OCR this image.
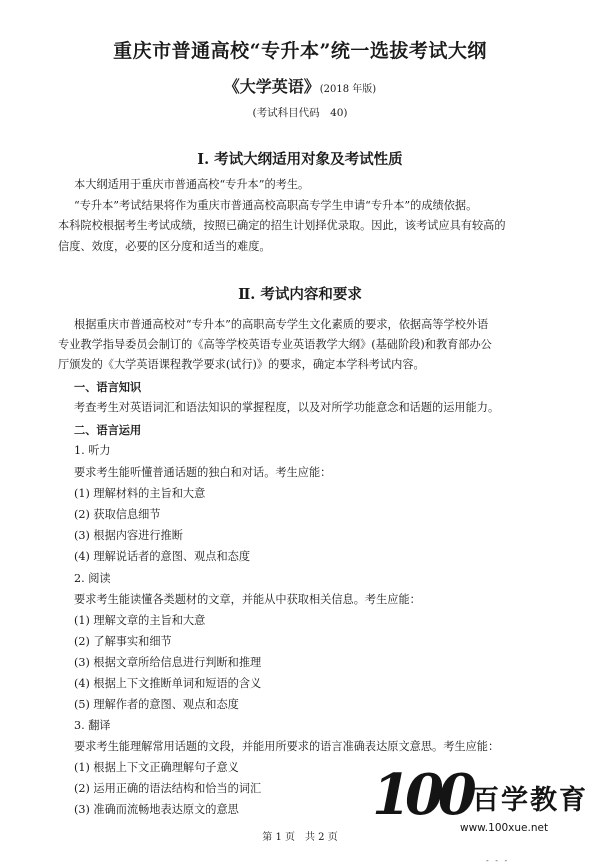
重庆市普通高校“专升本”统一选拔考试大纲
《大学英语》(2018 年版)
(考试科目代码　40)
Ⅰ. 考试大纲适用对象及考试性质
本大纲适用于重庆市普通高校“专升本”的考生。
“专升本”考试结果将作为重庆市普通高校高职高专学生申请“专升本”的成绩依据。
本科院校根据考生考试成绩，按照已确定的招生计划择优录取。因此，该考试应具有较高的
信度、效度，必要的区分度和适当的难度。
Ⅱ. 考试内容和要求
根据重庆市普通高校对“专升本”的高职高专学生文化素质的要求，依据高等学校外语
专业教学指导委员会制订的《高等学校英语专业英语教学大纲》(基础阶段)和教育部办公
厅颁发的《大学英语课程教学要求(试行)》的要求，确定本学科考试内容。
一、语言知识
考查考生对英语词汇和语法知识的掌握程度，以及对所学功能意念和话题的运用能力。
二、语言运用
1. 听力
要求考生能听懂普通话题的独白和对话。考生应能：
(1) 理解材料的主旨和大意
(2) 获取信息细节
(3) 根据内容进行推断
(4) 理解说话者的意图、观点和态度
2. 阅读
要求考生能读懂各类题材的文章，并能从中获取相关信息。考生应能：
(1) 理解文章的主旨和大意
(2) 了解事实和细节
(3) 根据文章所给信息进行判断和推理
(4) 根据上下文推断单词和短语的含义
(5) 理解作者的意图、观点和态度
3. 翻译
要求考生能理解常用话题的文段，并能用所要求的语言准确表达原文意思。考生应能：
(1) 根据上下文正确理解句子意义
(2) 运用正确的语法结构和恰当的词汇
(3) 准确而流畅地表达原文的意思 100 百学教育
www.100xue.net
第 1 页　共 2 页
- - -
